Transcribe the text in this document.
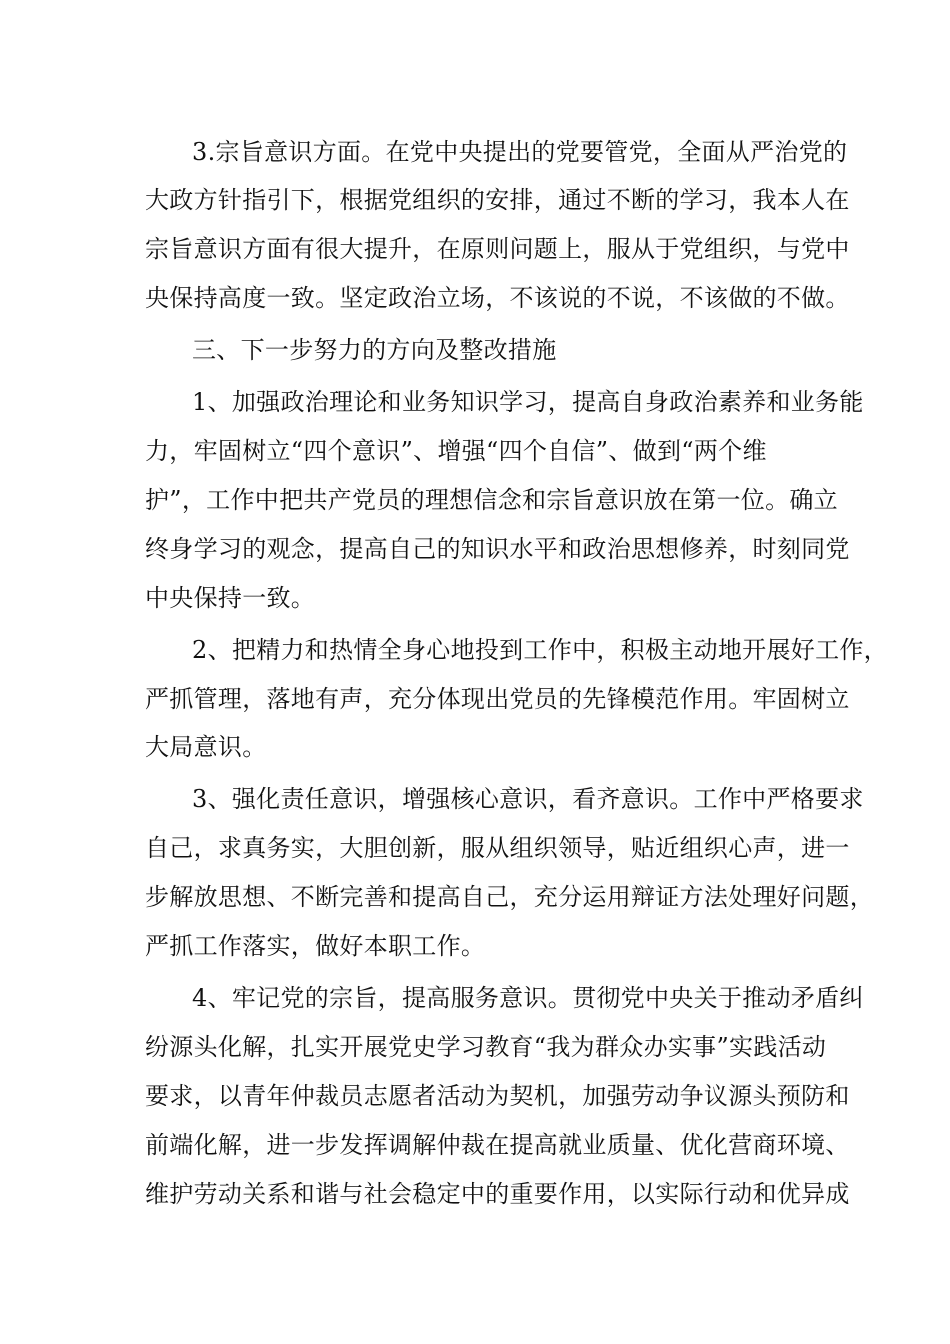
3.宗旨意识方面。在党中央提出的党要管党，全面从严治党的
大政方针指引下，根据党组织的安排，通过不断的学习，我本人在
宗旨意识方面有很大提升，在原则问题上，服从于党组织，与党中
央保持高度一致。坚定政治立场，不该说的不说，不该做的不做。
三、下一步努力的方向及整改措施
1、加强政治理论和业务知识学习，提高自身政治素养和业务能
力，牢固树立“四个意识”、增强“四个自信”、做到“两个维
护”，工作中把共产党员的理想信念和宗旨意识放在第一位。确立
终身学习的观念，提高自己的知识水平和政治思想修养，时刻同党
中央保持一致。
2、把精力和热情全身心地投到工作中，积极主动地开展好工作，
严抓管理，落地有声，充分体现出党员的先锋模范作用。牢固树立
大局意识。
3、强化责任意识，增强核心意识，看齐意识。工作中严格要求
自己，求真务实，大胆创新，服从组织领导，贴近组织心声，进一
步解放思想、不断完善和提高自己，充分运用辩证方法处理好问题，
严抓工作落实，做好本职工作。
4、牢记党的宗旨，提高服务意识。贯彻党中央关于推动矛盾纠
纷源头化解，扎实开展党史学习教育“我为群众办实事”实践活动
要求，以青年仲裁员志愿者活动为契机，加强劳动争议源头预防和
前端化解，进一步发挥调解仲裁在提高就业质量、优化营商环境、
维护劳动关系和谐与社会稳定中的重要作用，以实际行动和优异成
